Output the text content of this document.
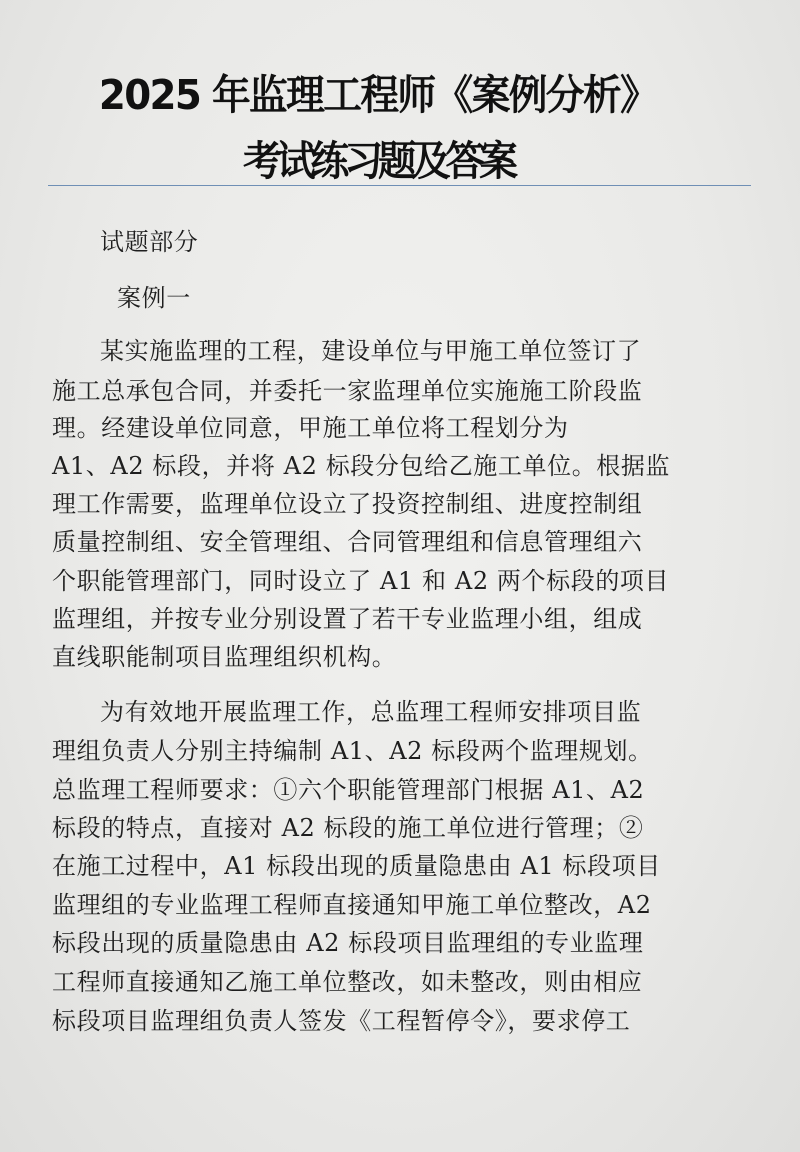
2025 年监理工程师《案例分析》
考试练习题及答案
试题部分
案例一
某实施监理的工程，建设单位与甲施工单位签订了
施工总承包合同，并委托一家监理单位实施施工阶段监
理。经建设单位同意，甲施工单位将工程划分为
A1、A2 标段，并将 A2 标段分包给乙施工单位。根据监
理工作需要，监理单位设立了投资控制组、进度控制组
质量控制组、安全管理组、合同管理组和信息管理组六
个职能管理部门，同时设立了 A1 和 A2 两个标段的项目
监理组，并按专业分别设置了若干专业监理小组，组成
直线职能制项目监理组织机构。
为有效地开展监理工作，总监理工程师安排项目监
理组负责人分别主持编制 A1、A2 标段两个监理规划。
总监理工程师要求：①六个职能管理部门根据 A1、A2
标段的特点，直接对 A2 标段的施工单位进行管理；②
在施工过程中，A1 标段出现的质量隐患由 A1 标段项目
监理组的专业监理工程师直接通知甲施工单位整改，A2
标段出现的质量隐患由 A2 标段项目监理组的专业监理
工程师直接通知乙施工单位整改，如未整改，则由相应
标段项目监理组负责人签发《工程暂停令》，要求停工
